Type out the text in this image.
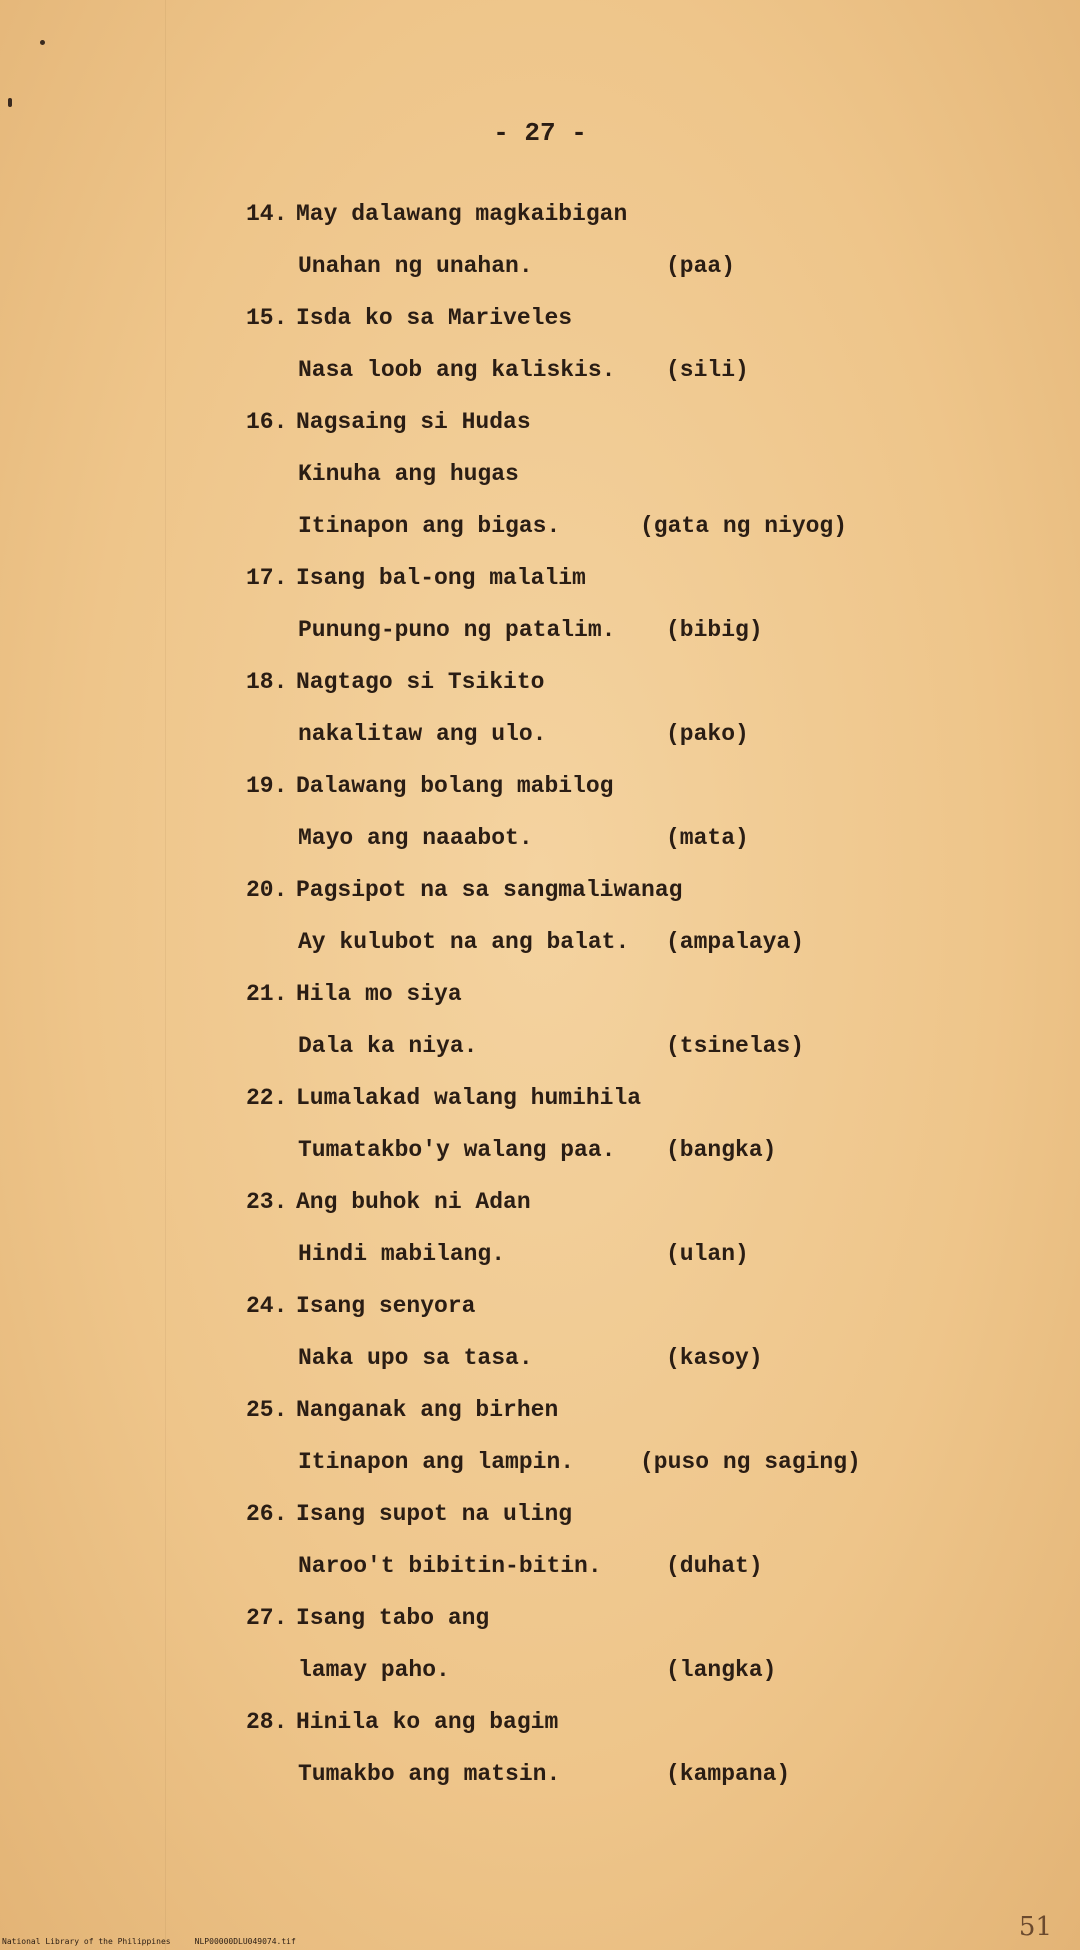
- 27 -
14. May dalawang magkaibigan
Unahan ng unahan.	(paa)
15. Isda ko sa Mariveles
Nasa loob ang kaliskis. (sili)
16. Nagsaing si Hudas
Kinuha ang hugas
Itinapon ang bigas.	(gata ng niyog)
17. Isang bal-ong malalim
Punung-puno ng patalim. (bibig)
18. Nagtago si Tsikito
nakalitaw ang ulo.	(pako)
19. Dalawang bolang mabilog
Mayo ang naaabot.	(mata)
20. Pagsipot na sa sangmaliwanag
Ay kulubot na ang balat. (ampalaya)
21. Hila mo siya
Dala ka niya.	(tsinelas)
22. Lumalakad walang humihila
Tumatakbo'y walang paa. (bangka)
23. Ang buhok ni Adan
Hindi mabilang.	(ulan)
24. Isang senyora
Naka upo sa tasa.	(kasoy)
25. Nanganak ang birhen
Itinapon ang lampin.	(puso ng saging)
26. Isang supot na uling
Naroo't bibitin-bitin.	(duhat)
27. Isang tabo ang
lamay paho.	(langka)
28. Hinila ko ang bagim
Tumakbo ang matsin.	(kampana)
National Library of the Philippines	NLP00000DLU049074.tif	51
